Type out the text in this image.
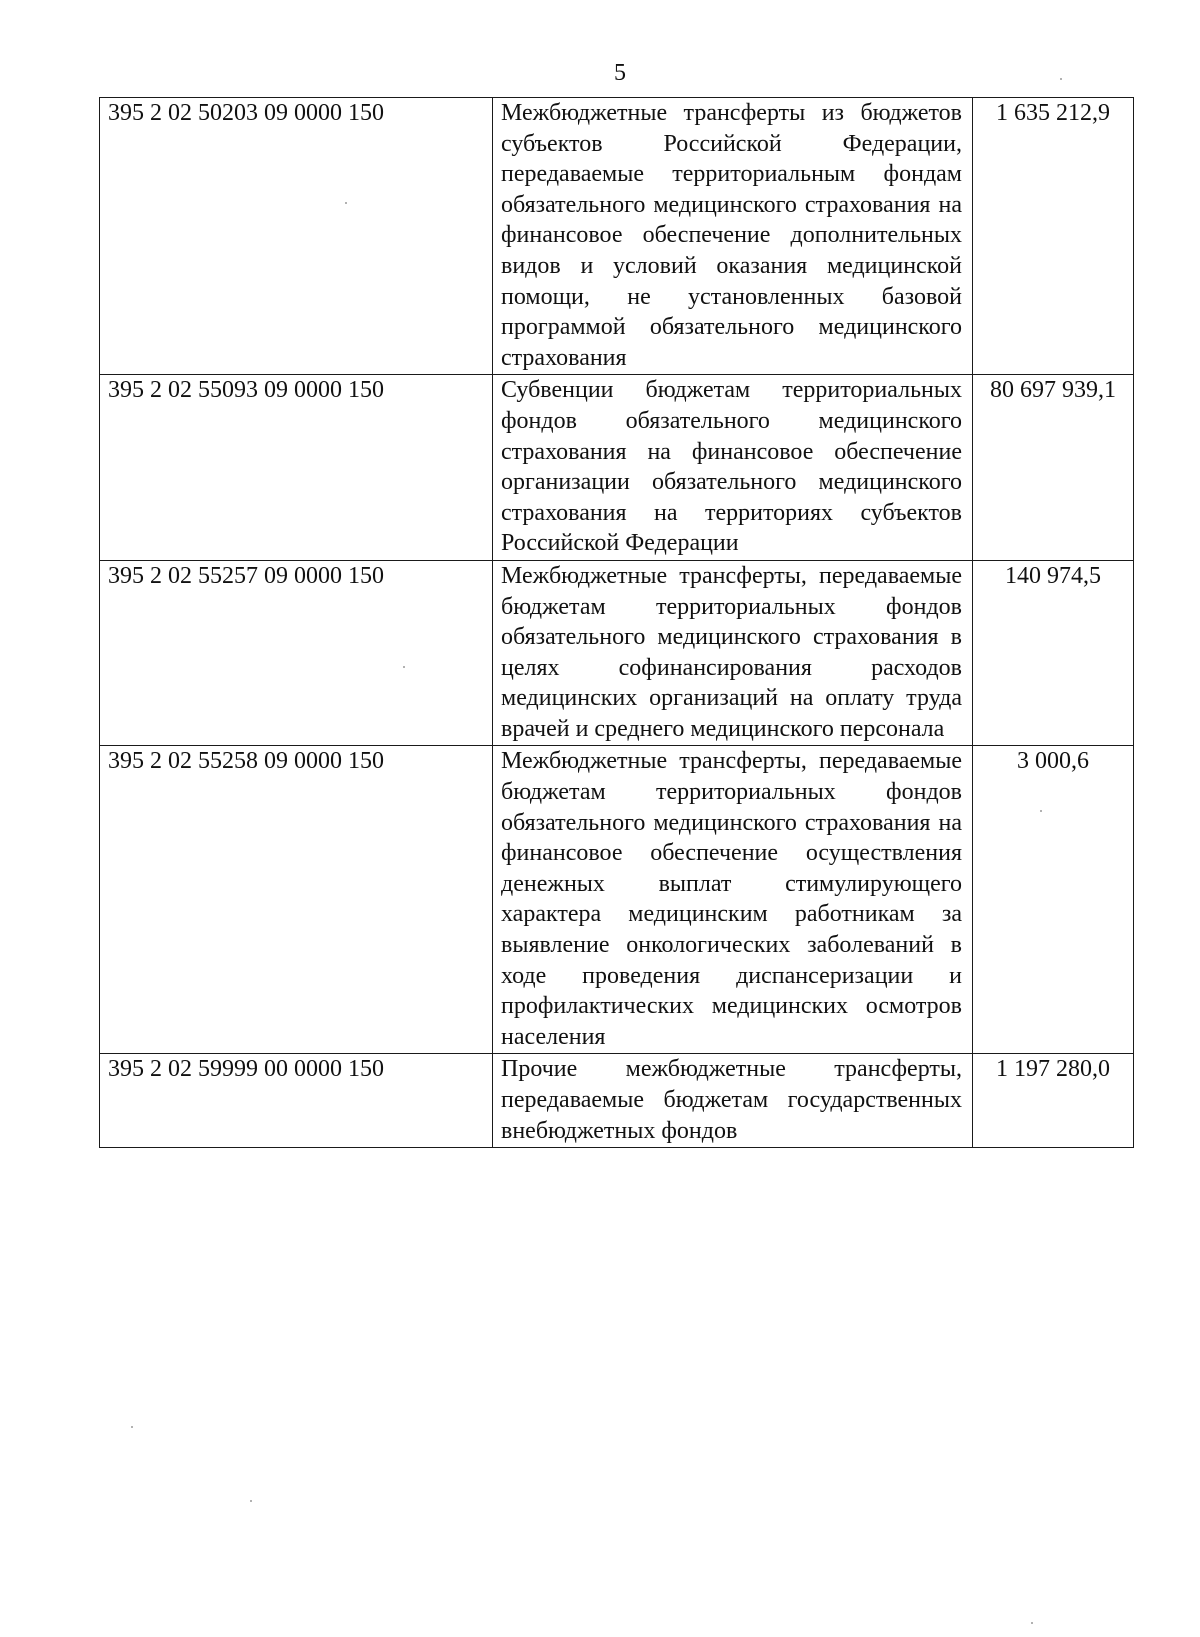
5
395 2 02 50203 09 0000 150	Межбюджетные трансферты из бюджетов субъектов Российской Федерации, передаваемые территориальным фондам обязательного медицинского страхования на финансовое обеспечение дополнительных видов и условий оказания медицинской помощи, не установленных базовой программой обязательного медицинского страхования	1 635 212,9
395 2 02 55093 09 0000 150	Субвенции бюджетам территориальных фондов обязательного медицинского страхования на финансовое обеспечение организации обязательного медицинского страхования на территориях субъектов Российской Федерации	80 697 939,1
395 2 02 55257 09 0000 150	Межбюджетные трансферты, передаваемые бюджетам территориальных фондов обязательного медицинского страхования в целях софинансирования расходов медицинских организаций на оплату труда врачей и среднего медицинского персонала	140 974,5
395 2 02 55258 09 0000 150	Межбюджетные трансферты, передаваемые бюджетам территориальных фондов обязательного медицинского страхования на финансовое обеспечение осуществления денежных выплат стимулирующего характера медицинским работникам за выявление онкологических заболеваний в ходе проведения диспансеризации и профилактических медицинских осмотров населения	3 000,6
395 2 02 59999 00 0000 150	Прочие межбюджетные трансферты, передаваемые бюджетам государственных внебюджетных фондов	1 197 280,0
